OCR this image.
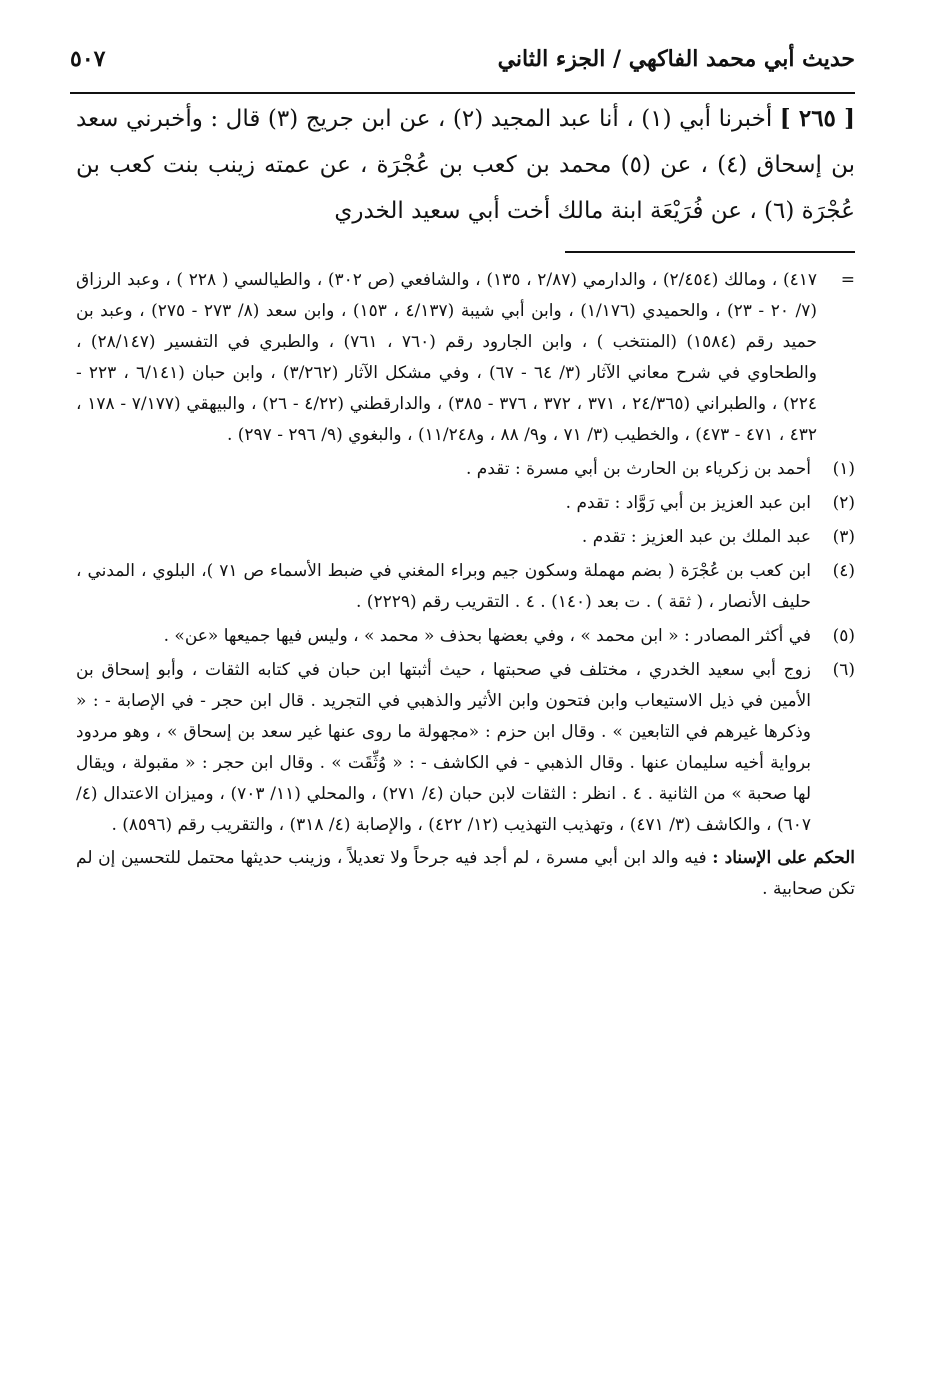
حديث أبي محمد الفاكهي / الجزء الثاني
٥٠٧
[ ٢٦٥ ] أخبرنا أبي (١) ، أنا عبد المجيد (٢) ، عن ابن جريج (٣) قال : وأخبرني سعد بن إسحاق (٤) ، عن (٥) محمد بن كعب بن عُجْرَة ، عن عمته زينب بنت كعب بن عُجْرَة (٦) ، عن فُرَيْعَة ابنة مالك أخت أبي سعيد الخدري
=
٤١٧) ، ومالك (٢/٤٥٤) ، والدارمي (٢/٨٧ ، ١٣٥) ، والشافعي (ص ٣٠٢) ، والطيالسي ( ٢٢٨ ) ، وعبد الرزاق (٧/ ٢٠ - ٢٣) ، والحميدي (١/١٧٦) ، وابن أبي شيبة (٤/١٣٧ ، ١٥٣) ، وابن سعد (٨/ ٢٧٣ - ٢٧٥) ، وعبد بن حميد رقم (١٥٨٤) (المنتخب ) ، وابن الجارود رقم (٧٦٠ ، ٧٦١) ، والطبري في التفسير (٢٨/١٤٧) ، والطحاوي في شرح معاني الآثار (٣/ ٦٤ - ٦٧) ، وفي مشكل الآثار (٣/٢٦٢) ، وابن حبان (٦/١٤١ ، ٢٢٣ - ٢٢٤) ، والطبراني (٢٤/٣٦٥ ، ٣٧١ ، ٣٧٢ ، ٣٧٦ - ٣٨٥) ، والدارقطني (٤/٢٢ - ٢٦) ، والبيهقي (٧/١٧٧ - ١٧٨ ، ٤٣٢ ، ٤٧١ - ٤٧٣) ، والخطيب (٣/ ٧١ ، و٩/ ٨٨ ، و١١/٢٤٨) ، والبغوي (٩/ ٢٩٦ - ٢٩٧) .
(١)
أحمد بن زكرياء بن الحارث بن أبي مسرة : تقدم .
(٢)
ابن عبد العزيز بن أبي رَوَّاد : تقدم .
(٣)
عبد الملك بن عبد العزيز : تقدم .
(٤)
ابن كعب بن عُجْرَة ( بضم مهملة وسكون جيم وبراء المغني في ضبط الأسماء ص ٧١ )، البلوي ، المدني ، حليف الأنصار ، ( ثقة ) . ت بعد (١٤٠) . ٤ . التقريب رقم (٢٢٢٩) .
(٥)
في أكثر المصادر : « ابن محمد » ، وفي بعضها بحذف « محمد » ، وليس فيها جميعها «عن» .
(٦)
زوج أبي سعيد الخدري ، مختلف في صحبتها ، حيث أثبتها ابن حبان في كتابه الثقات ، وأبو إسحاق بن الأمين في ذيل الاستيعاب وابن فتحون وابن الأثير والذهبي في التجريد . قال ابن حجر - في الإصابة - : « وذكرها غيرهم في التابعين » . وقال ابن حزم : «مجهولة ما روى عنها غير سعد بن إسحاق » ، وهو مردود برواية أخيه سليمان عنها . وقال الذهبي - في الكاشف - : « وُثِّقَت » . وقال ابن حجر : « مقبولة ، ويقال لها صحبة » من الثانية . ٤ . انظر : الثقات لابن حبان (٤/ ٢٧١) ، والمحلي (١١/ ٧٠٣) ، وميزان الاعتدال (٤/ ٦٠٧) ، والكاشف (٣/ ٤٧١) ، وتهذيب التهذيب (١٢/ ٤٢٢) ، والإصابة (٤/ ٣١٨) ، والتقريب رقم (٨٥٩٦) .
الحكم على الإسناد : فيه والد ابن أبي مسرة ، لم أجد فيه جرحاً ولا تعديلاً ، وزينب حديثها محتمل للتحسين إن لم تكن صحابية .
